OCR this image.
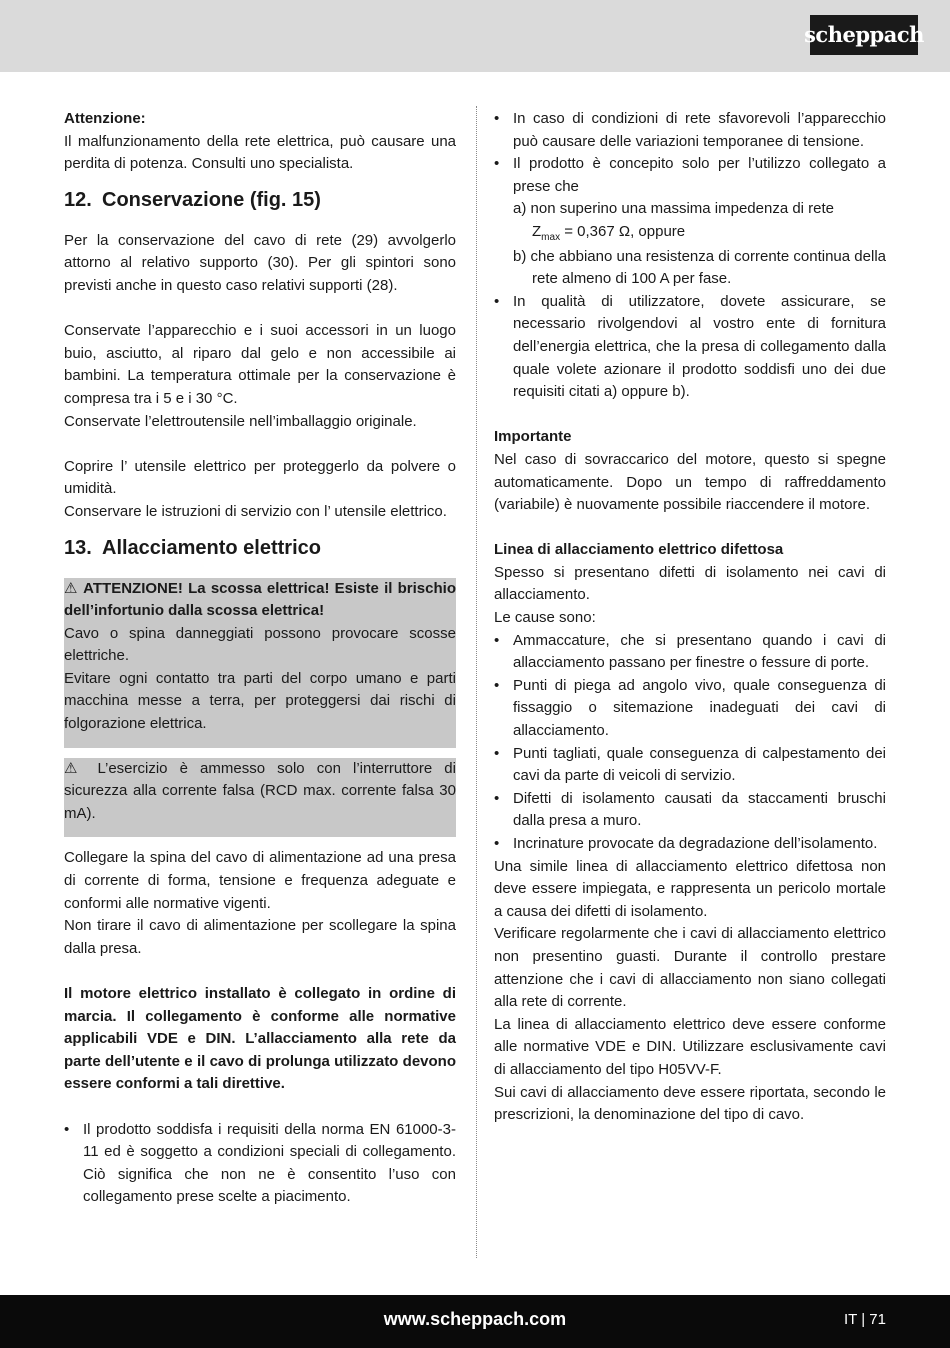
scheppach

Attenzione:

Il malfunzionamento della rete elettrica, può causare una perdita di potenza. Consulti uno specialista.

12. Conservazione (fig. 15)

Per la conservazione del cavo di rete (29) avvolgerlo attorno al relativo supporto (30). Per gli spintori sono previsti anche in questo caso relativi supporti (28).

Conservate l’apparecchio e i suoi accessori in un luogo buio, asciutto, al riparo dal gelo e non accessibile ai bambini. La temperatura ottimale per la conservazione è compresa tra i 5 e i 30 °C.

Conservate l’elettroutensile nell’imballaggio originale.

Coprire l’ utensile elettrico per proteggerlo da polvere o umidità.

Conservare le istruzioni di servizio con l’ utensile elettrico.

13. Allacciamento elettrico

⚠ ATTENZIONE! La scossa elettrica! Esiste il brischio dell’infortunio dalla scossa elettrica!

Cavo o spina danneggiati possono provocare scosse elettriche.

Evitare ogni contatto tra parti del corpo umano e parti macchina messe a terra, per proteggersi dai rischi di folgorazione elettrica.

⚠ L’esercizio è ammesso solo con l’interruttore di sicurezza alla corrente falsa (RCD max. corrente falsa 30 mA).

Collegare la spina del cavo di alimentazione ad una presa di corrente di forma, tensione e frequenza adeguate e conformi alle normative vigenti.

Non tirare il cavo di alimentazione per scollegare la spina dalla presa.

Il motore elettrico installato è collegato in ordine di marcia. Il collegamento è conforme alle normative applicabili VDE e DIN. L’allacciamento alla rete da parte dell’utente e il cavo di prolunga utilizzato devono essere conformi a tali direttive.

• Il prodotto soddisfa i requisiti della norma EN 61000-3-11 ed è soggetto a condizioni speciali di collegamento. Ciò significa che non ne è consentito l’uso con collegamento prese scelte a piacimento.
• In caso di condizioni di rete sfavorevoli l’apparecchio può causare delle variazioni temporanee di tensione.
• Il prodotto è concepito solo per l’utilizzo collegato a prese che

a) non superino una massima impedenza di rete
$Z_{max} = 0,367$ Ω, oppure

b) che abbiano una resistenza di corrente continua della rete almeno di 100 A per fase.

• In qualità di utilizzatore, dovete assicurare, se necessario rivolgendovi al vostro ente di fornitura dell’energia elettrica, che la presa di collegamento dalla quale volete azionare il prodotto soddisfi uno dei due requisiti citati a) oppure b).

Importante

Nel caso di sovraccarico del motore, questo si spegne automaticamente. Dopo un tempo di raffreddamento (variabile) è nuovamente possibile riaccendere il motore.

Linea di allacciamento elettrico difettosa

Spesso si presentano difetti di isolamento nei cavi di allacciamento.

Le cause sono:

• Ammaccature, che si presentano quando i cavi di allacciamento passano per finestre o fessure di porte.
• Punti di piega ad angolo vivo, quale conseguenza di fissaggio o sitemazione inadeguati dei cavi di allacciamento.
• Punti tagliati, quale conseguenza di calpestamento dei cavi da parte di veicoli di servizio.
• Difetti di isolamento causati da staccamenti bruschi dalla presa a muro.
• Incrinature provocate da degradazione dell’isolamento.

Una simile linea di allacciamento elettrico difettosa non deve essere impiegata, e rappresenta un pericolo mortale a causa dei difetti di isolamento.

Verificare regolarmente che i cavi di allacciamento elettrico non presentino guasti. Durante il controllo prestare attenzione che i cavi di allacciamento non siano collegati alla rete di corrente.

La linea di allacciamento elettrico deve essere conforme alle normative VDE e DIN. Utilizzare esclusivamente cavi di allacciamento del tipo H05VV-F.

Sui cavi di allacciamento deve essere riportata, secondo le prescrizioni, la denominazione del tipo di cavo.

www.scheppach.com	IT | 71
